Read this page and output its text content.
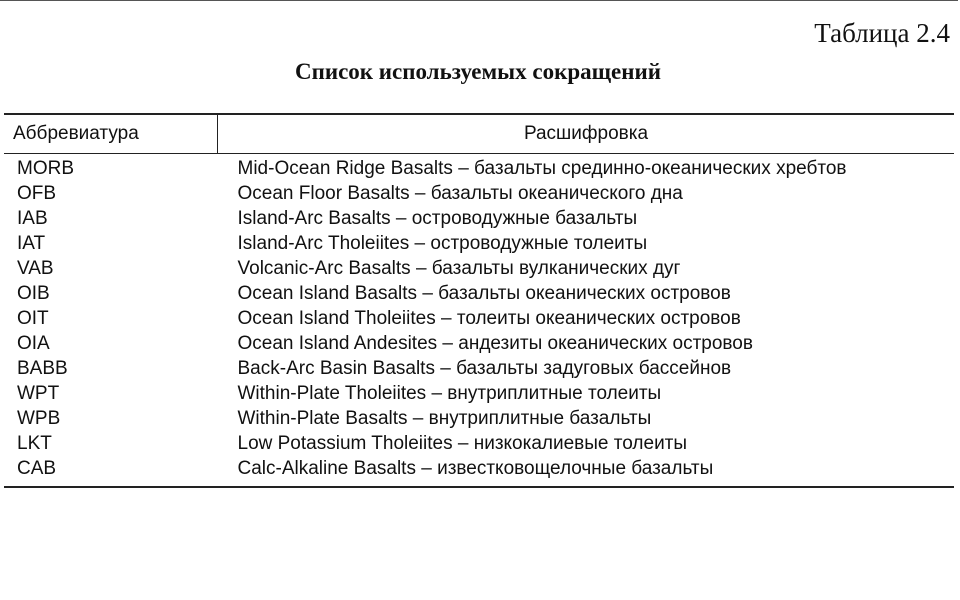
Таблица 2.4
Список используемых сокращений
Аббревиатура	Расшифровка
MORB	Mid-Ocean Ridge Basalts – базальты срединно-океанических хребтов
OFB	Ocean Floor Basalts – базальты океанического дна
IAB	Island-Arc Basalts – островодужные базальты
IAT	Island-Arc Tholeiites – островодужные толеиты
VAB	Volcanic-Arc Basalts – базальты вулканических дуг
OIB	Ocean Island Basalts – базальты океанических островов
OIT	Ocean Island Tholeiites – толеиты океанических островов
OIA	Ocean Island Andesites – андезиты океанических островов
BABB	Back-Arc Basin Basalts – базальты задуговых бассейнов
WPT	Within-Plate Tholeiites – внутриплитные толеиты
WPB	Within-Plate Basalts – внутриплитные базальты
LKT	Low Potassium Tholeiites – низкокалиевые толеиты
CAB	Calc-Alkaline Basalts – известковощелочные базальты
